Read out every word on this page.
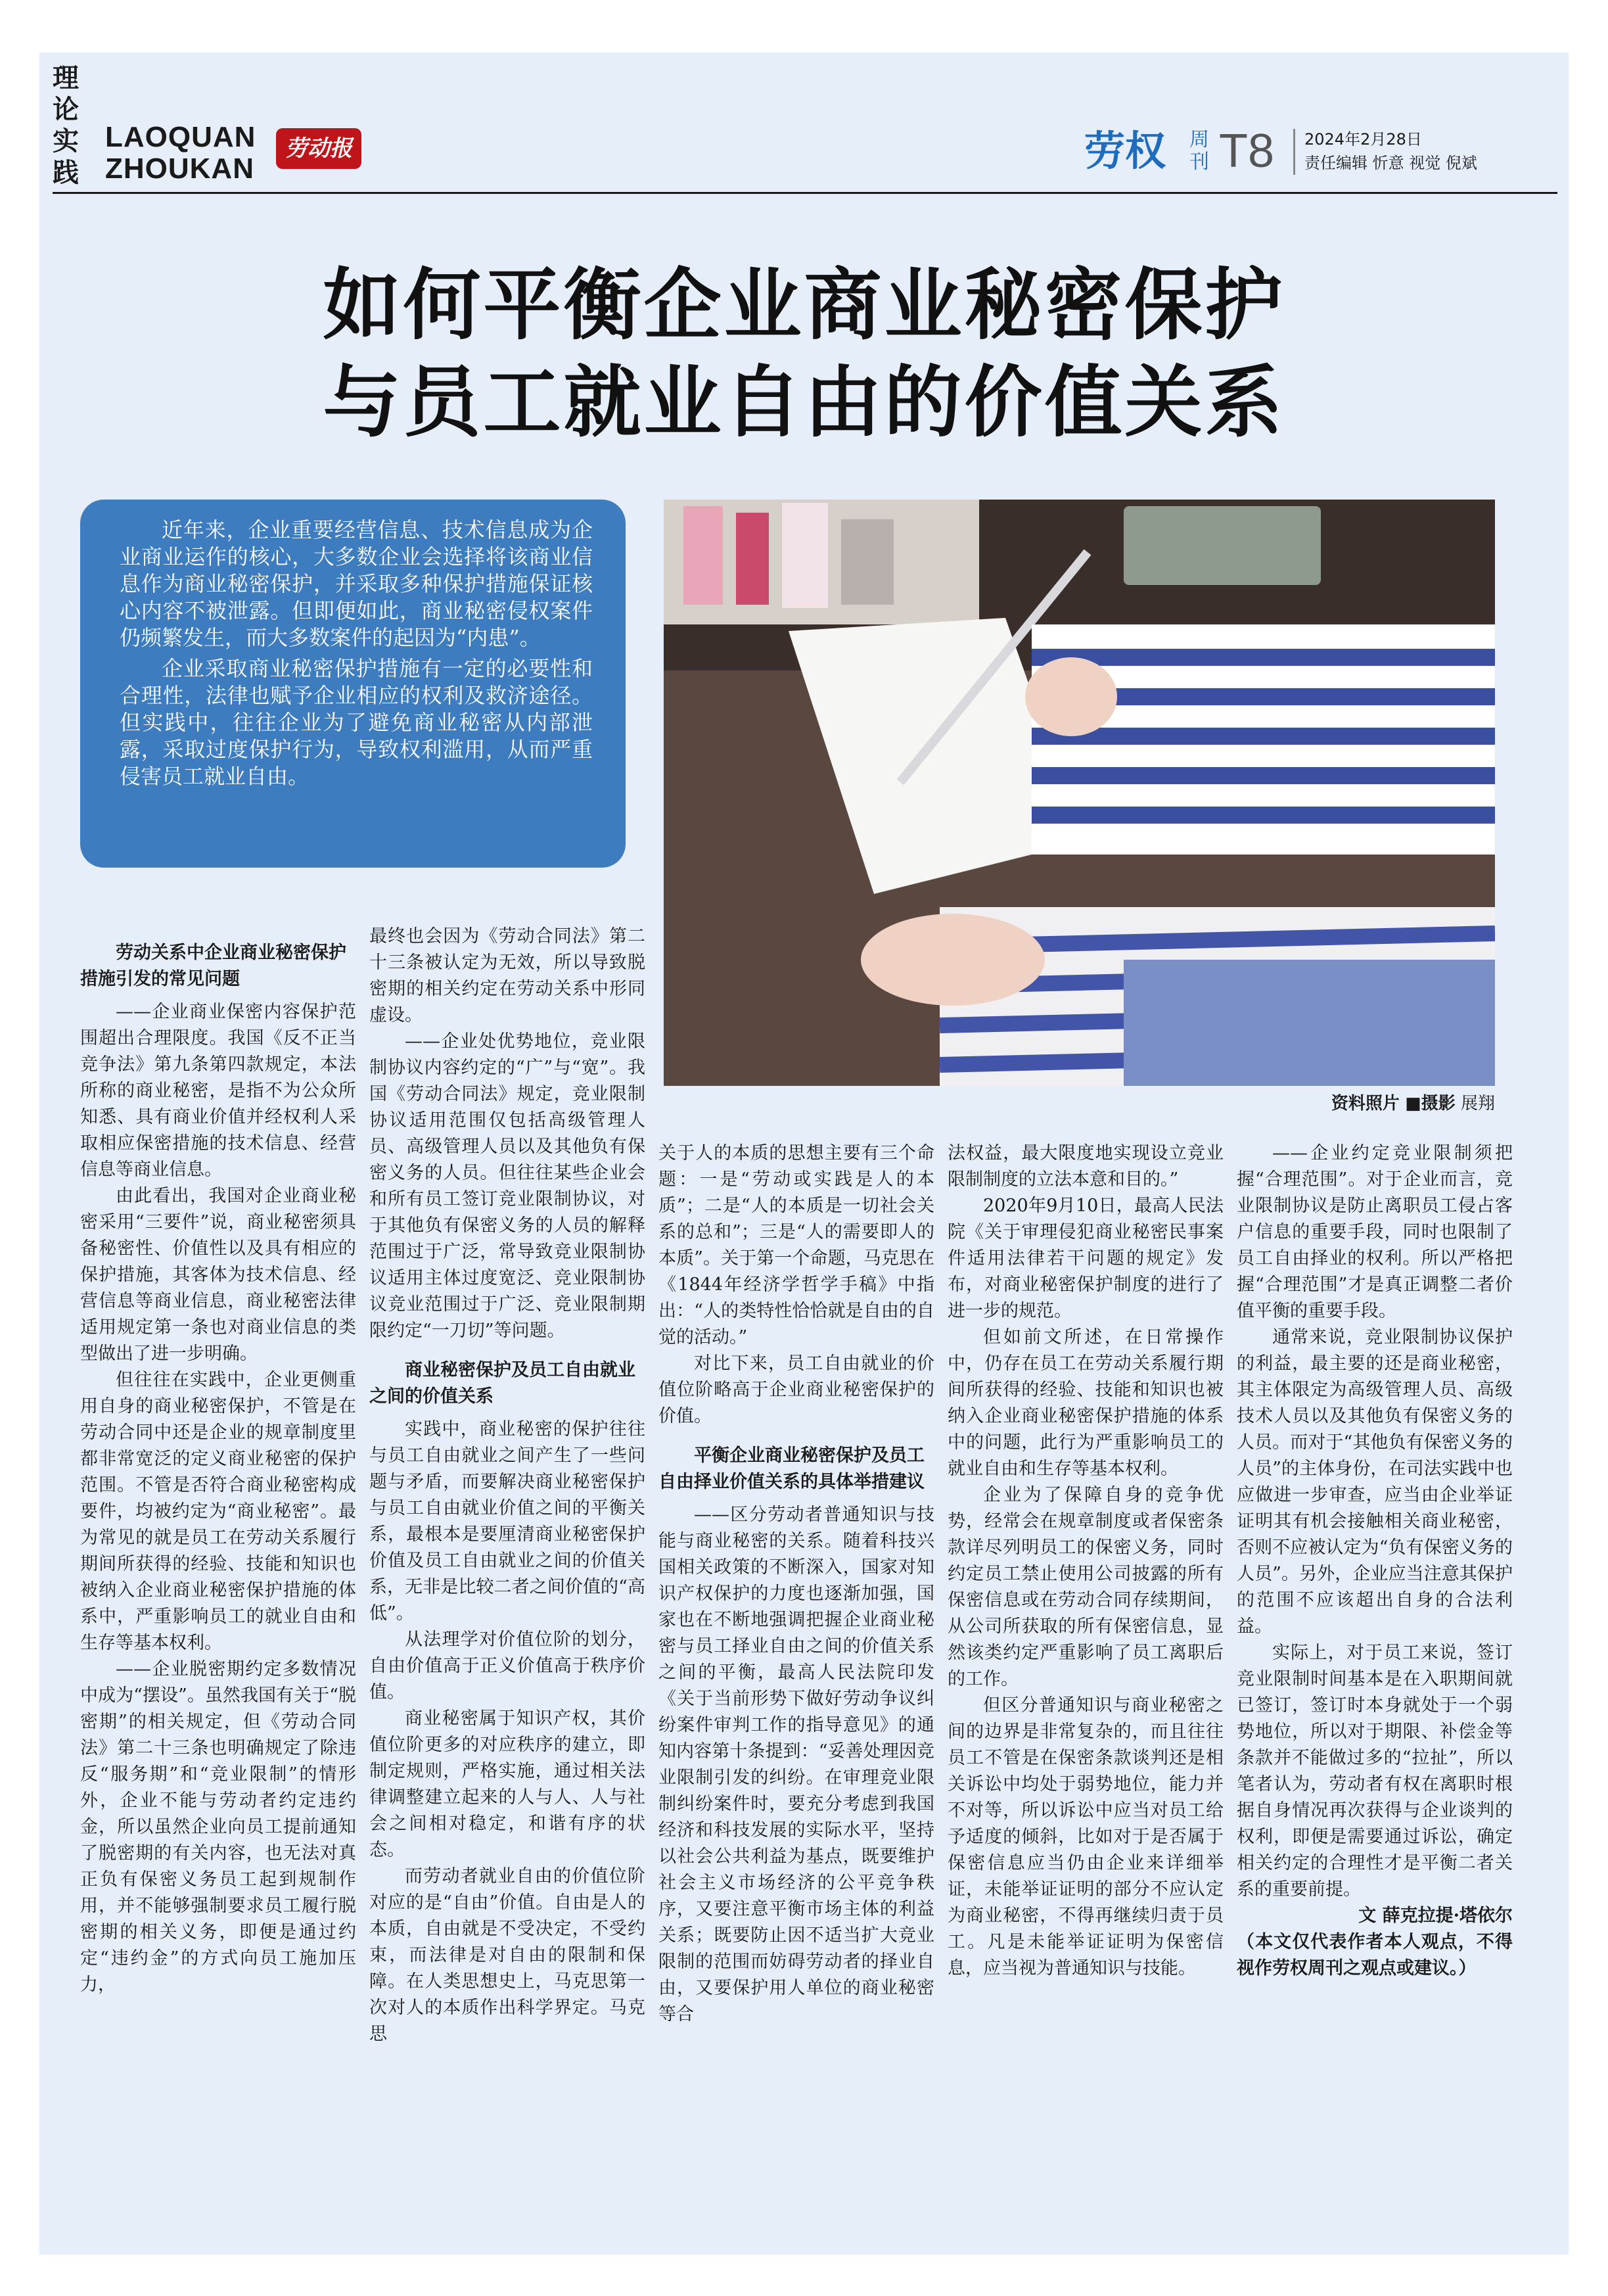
理
论
实
践
LAOQUAN
ZHOUKAN
劳动报	劳权 周刊 T8 2024年2月28日
责任编辑 忻意 视觉 倪斌
如何平衡企业商业秘密保护
与员工就业自由的价值关系

近年来，企业重要经营信息、技术信息成为企业商业运作的核心，大多数企业会选择将该商业信息作为商业秘密保护，并采取多种保护措施保证核心内容不被泄露。但即便如此，商业秘密侵权案件仍频繁发生，而大多数案件的起因为“内患”。

企业采取商业秘密保护措施有一定的必要性和合理性，法律也赋予企业相应的权利及救济途径。但实践中，往往企业为了避免商业秘密从内部泄露，采取过度保护行为，导致权利滥用，从而严重侵害员工就业自由。

资料照片 ■摄影 展翔
劳动关系中企业商业秘密保护措施引发的常见问题

——企业商业保密内容保护范围超出合理限度。我国《反不正当竞争法》第九条第四款规定，本法所称的商业秘密，是指不为公众所知悉、具有商业价值并经权利人采取相应保密措施的技术信息、经营信息等商业信息。

由此看出，我国对企业商业秘密采用“三要件”说，商业秘密须具备秘密性、价值性以及具有相应的保护措施，其客体为技术信息、经营信息等商业信息，商业秘密法律适用规定第一条也对商业信息的类型做出了进一步明确。

但往往在实践中，企业更侧重用自身的商业秘密保护，不管是在劳动合同中还是企业的规章制度里都非常宽泛的定义商业秘密的保护范围。不管是否符合商业秘密构成要件，均被约定为“商业秘密”。最为常见的就是员工在劳动关系履行期间所获得的经验、技能和知识也被纳入企业商业秘密保护措施的体系中，严重影响员工的就业自由和生存等基本权利。

——企业脱密期约定多数情况中成为“摆设”。虽然我国有关于“脱密期”的相关规定，但《劳动合同法》第二十三条也明确规定了除违反“服务期”和“竞业限制”的情形外，企业不能与劳动者约定违约金，所以虽然企业向员工提前通知了脱密期的有关内容，也无法对真正负有保密义务员工起到规制作用，并不能够强制要求员工履行脱密期的相关义务，即便是通过约定“违约金”的方式向员工施加压力，

最终也会因为《劳动合同法》第二十三条被认定为无效，所以导致脱密期的相关约定在劳动关系中形同虚设。

——企业处优势地位，竞业限制协议内容约定的“广”与“宽”。我国《劳动合同法》规定，竞业限制协议适用范围仅包括高级管理人员、高级管理人员以及其他负有保密义务的人员。但往往某些企业会和所有员工签订竞业限制协议，对于其他负有保密义务的人员的解释范围过于广泛，常导致竞业限制协议适用主体过度宽泛、竞业限制协议竞业范围过于广泛、竞业限制期限约定“一刀切”等问题。

商业秘密保护及员工自由就业之间的价值关系

实践中，商业秘密的保护往往与员工自由就业之间产生了一些问题与矛盾，而要解决商业秘密保护与员工自由就业价值之间的平衡关系，最根本是要厘清商业秘密保护价值及员工自由就业之间的价值关系，无非是比较二者之间价值的“高低”。

从法理学对价值位阶的划分，自由价值高于正义价值高于秩序价值。

商业秘密属于知识产权，其价值位阶更多的对应秩序的建立，即制定规则，严格实施，通过相关法律调整建立起来的人与人、人与社会之间相对稳定，和谐有序的状态。

而劳动者就业自由的价值位阶对应的是“自由”价值。自由是人的本质，自由就是不受决定，不受约束，而法律是对自由的限制和保障。在人类思想史上，马克思第一次对人的本质作出科学界定。马克思

关于人的本质的思想主要有三个命题：一是“劳动或实践是人的本质”；二是“人的本质是一切社会关系的总和”；三是“人的需要即人的本质”。关于第一个命题，马克思在《1844年经济学哲学手稿》中指出：“人的类特性恰恰就是自由的自觉的活动。”

对比下来，员工自由就业的价值位阶略高于企业商业秘密保护的价值。

平衡企业商业秘密保护及员工自由择业价值关系的具体举措建议

——区分劳动者普通知识与技能与商业秘密的关系。随着科技兴国相关政策的不断深入，国家对知识产权保护的力度也逐渐加强，国家也在不断地强调把握企业商业秘密与员工择业自由之间的价值关系之间的平衡，最高人民法院印发《关于当前形势下做好劳动争议纠纷案件审判工作的指导意见》的通知内容第十条提到：“妥善处理因竞业限制引发的纠纷。在审理竞业限制纠纷案件时，要充分考虑到我国经济和科技发展的实际水平，坚持以社会公共利益为基点，既要维护社会主义市场经济的公平竞争秩序，又要注意平衡市场主体的利益关系；既要防止因不适当扩大竞业限制的范围而妨碍劳动者的择业自由，又要保护用人单位的商业秘密等合

法权益，最大限度地实现设立竞业限制制度的立法本意和目的。”

2020年9月10日，最高人民法院《关于审理侵犯商业秘密民事案件适用法律若干问题的规定》发布，对商业秘密保护制度的进行了进一步的规范。

但如前文所述，在日常操作中，仍存在员工在劳动关系履行期间所获得的经验、技能和知识也被纳入企业商业秘密保护措施的体系中的问题，此行为严重影响员工的就业自由和生存等基本权利。

企业为了保障自身的竞争优势，经常会在规章制度或者保密条款详尽列明员工的保密义务，同时约定员工禁止使用公司披露的所有保密信息或在劳动合同存续期间，从公司所获取的所有保密信息，显然该类约定严重影响了员工离职后的工作。

但区分普通知识与商业秘密之间的边界是非常复杂的，而且往往员工不管是在保密条款谈判还是相关诉讼中均处于弱势地位，能力并不对等，所以诉讼中应当对员工给予适度的倾斜，比如对于是否属于保密信息应当仍由企业来详细举证，未能举证证明的部分不应认定为商业秘密，不得再继续归责于员工。凡是未能举证证明为保密信息，应当视为普通知识与技能。

——企业约定竞业限制须把握“合理范围”。对于企业而言，竞业限制协议是防止离职员工侵占客户信息的重要手段，同时也限制了员工自由择业的权利。所以严格把握“合理范围”才是真正调整二者价值平衡的重要手段。

通常来说，竞业限制协议保护的利益，最主要的还是商业秘密，其主体限定为高级管理人员、高级技术人员以及其他负有保密义务的人员。而对于“其他负有保密义务的人员”的主体身份，在司法实践中也应做进一步审查，应当由企业举证证明其有机会接触相关商业秘密，否则不应被认定为“负有保密义务的人员”。另外，企业应当注意其保护的范围不应该超出自身的合法利益。

实际上，对于员工来说，签订竞业限制时间基本是在入职期间就已签订，签订时本身就处于一个弱势地位，所以对于期限、补偿金等条款并不能做过多的“拉扯”，所以笔者认为，劳动者有权在离职时根据自身情况再次获得与企业谈判的权利，即便是需要通过诉讼，确定相关约定的合理性才是平衡二者关系的重要前提。

文 薛克拉提·塔依尔

（本文仅代表作者本人观点，不得视作劳权周刊之观点或建议。）
